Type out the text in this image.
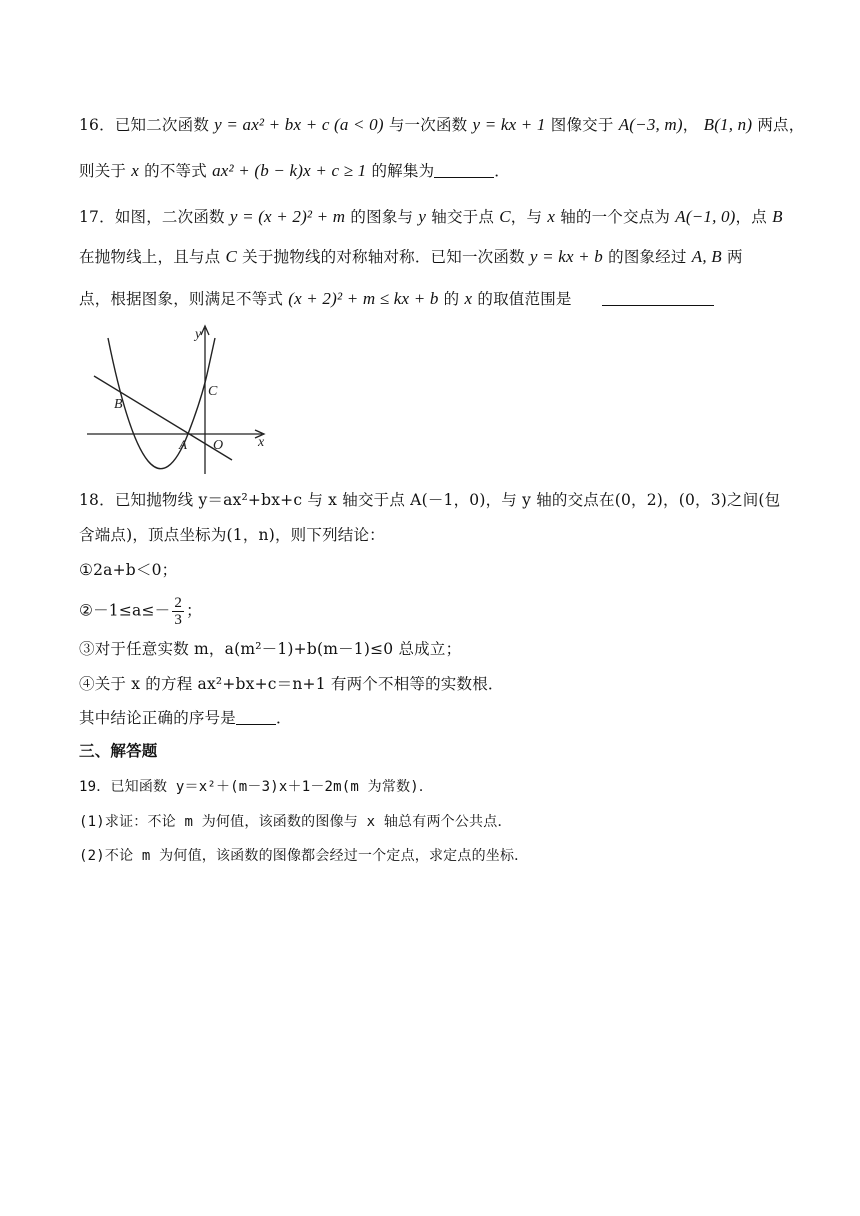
16．已知二次函数 y = ax² + bx + c (a < 0) 与一次函数 y = kx + 1 图像交于 A(−3, m)， B(1, n) 两点，
则关于 x 的不等式 ax² + (b − k)x + c ≥ 1 的解集为	．
17．如图，二次函数 y = (x + 2)² + m 的图象与 y 轴交于点 C，与 x 轴的一个交点为 A(−1, 0)，点 B
在抛物线上，且与点 C 关于抛物线的对称轴对称．已知一次函数 y = kx + b 的图象经过 A, B 两
点，根据图象，则满足不等式 (x + 2)² + m ≤ kx + b 的 x 的取值范围是
y
x
O
A
B
C
18．已知抛物线 y＝ax²+bx+c 与 x 轴交于点 A(－1，0)，与 y 轴的交点在(0，2)，(0，3)之间(包
含端点)，顶点坐标为(1，n)，则下列结论：
①2a+b＜0；
②－1≤a≤－ $\frac{2}{3}$ ；
③对于任意实数 m，a(m²－1)+b(m－1)≤0 总成立；
④关于 x 的方程 ax²+bx+c＝n+1 有两个不相等的实数根．
其中结论正确的序号是	．
三、解答题
19．已知函数 y＝x²＋(m－3)x＋1－2m(m 为常数)．
(1)求证：不论 m 为何值，该函数的图像与 x 轴总有两个公共点．
(2)不论 m 为何值，该函数的图像都会经过一个定点，求定点的坐标．
